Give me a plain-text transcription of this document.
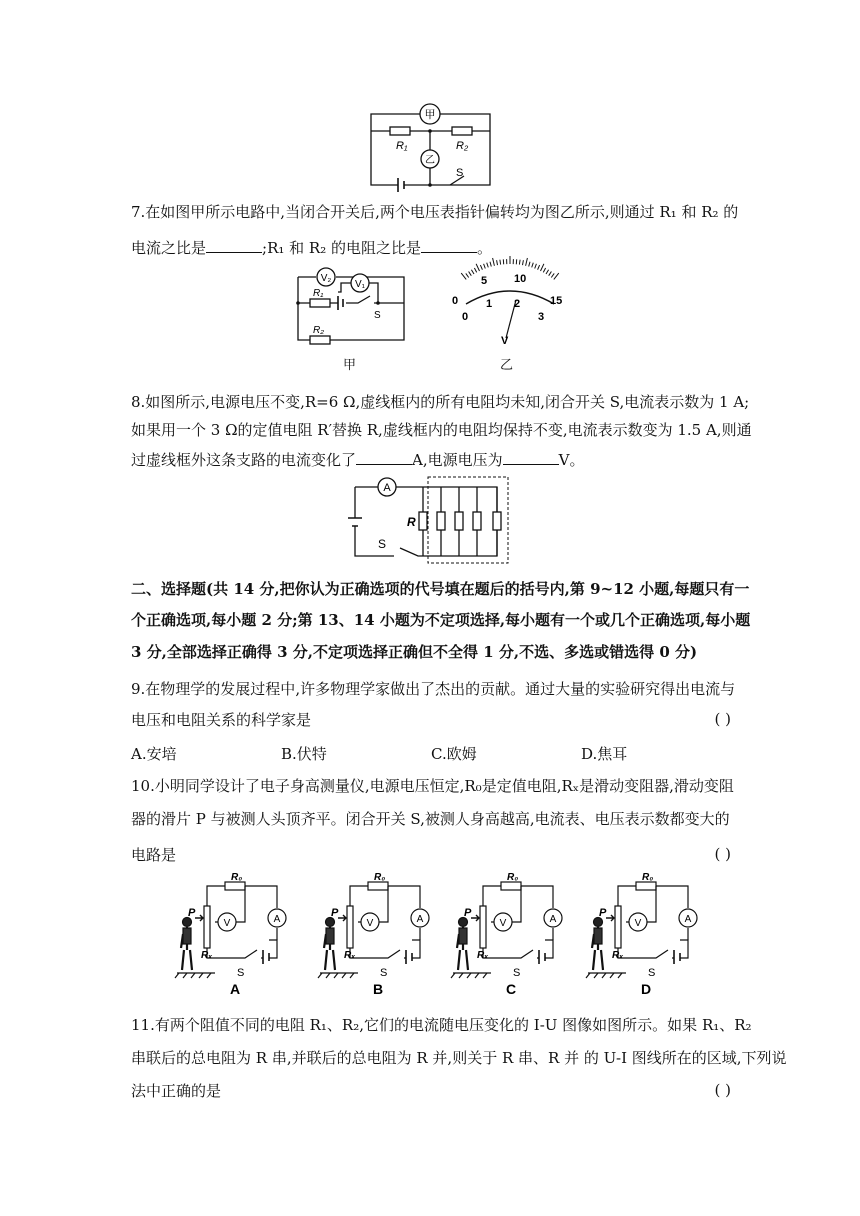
甲
乙
R₁	R₂
S
7.在如图甲所示电路中,当闭合开关后,两个电压表指针偏转均为图乙所示,则通过 R₁ 和 R₂ 的
电流之比是	;R₁ 和 R₂ 的电阻之比是	。
V₂
V₁
R₁
R₂
S
甲
0
5 10
15
0
1 2
3
V
乙
8.如图所示,电源电压不变,R=6 Ω,虚线框内的所有电阻均未知,闭合开关 S,电流表示数为 1 A;
如果用一个 3 Ω的定值电阻 R′替换 R,虚线框内的电阻均保持不变,电流表示数变为 1.5 A,则通
过虚线框外这条支路的电流变化了	A,电源电压为	V。
A
R
S
二、选择题(共 14 分,把你认为正确选项的代号填在题后的括号内,第 9~12 小题,每题只有一
个正确选项,每小题 2 分;第 13、14 小题为不定项选择,每小题有一个或几个正确选项,每小题
3 分,全部选择正确得 3 分,不定项选择正确但不全得 1 分,不选、多选或错选得 0 分)
9.在物理学的发展过程中,许多物理学家做出了杰出的贡献。通过大量的实验研究得出电流与
电压和电阻关系的科学家是	( )
A.安培	B.伏特	C.欧姆	D.焦耳
10.小明同学设计了电子身高测量仪,电源电压恒定,R₀是定值电阻,Rₓ是滑动变阻器,滑动变阻
器的滑片 P 与被测人头顶齐平。闭合开关 S,被测人身高越高,电流表、电压表示数都变大的
电路是	( )
R₀
P
Rₓ
V	A
S
A
R₀
P
Rₓ
V	A
S
B
R₀
P
Rₓ
V	A
S
C
R₀
P
Rₓ
V	A
S
D
11.有两个阻值不同的电阻 R₁、R₂,它们的电流随电压变化的 I-U 图像如图所示。如果 R₁、R₂
串联后的总电阻为 R 串,并联后的总电阻为 R 并,则关于 R 串、R 并 的 U-I 图线所在的区域,下列说
法中正确的是	( )
